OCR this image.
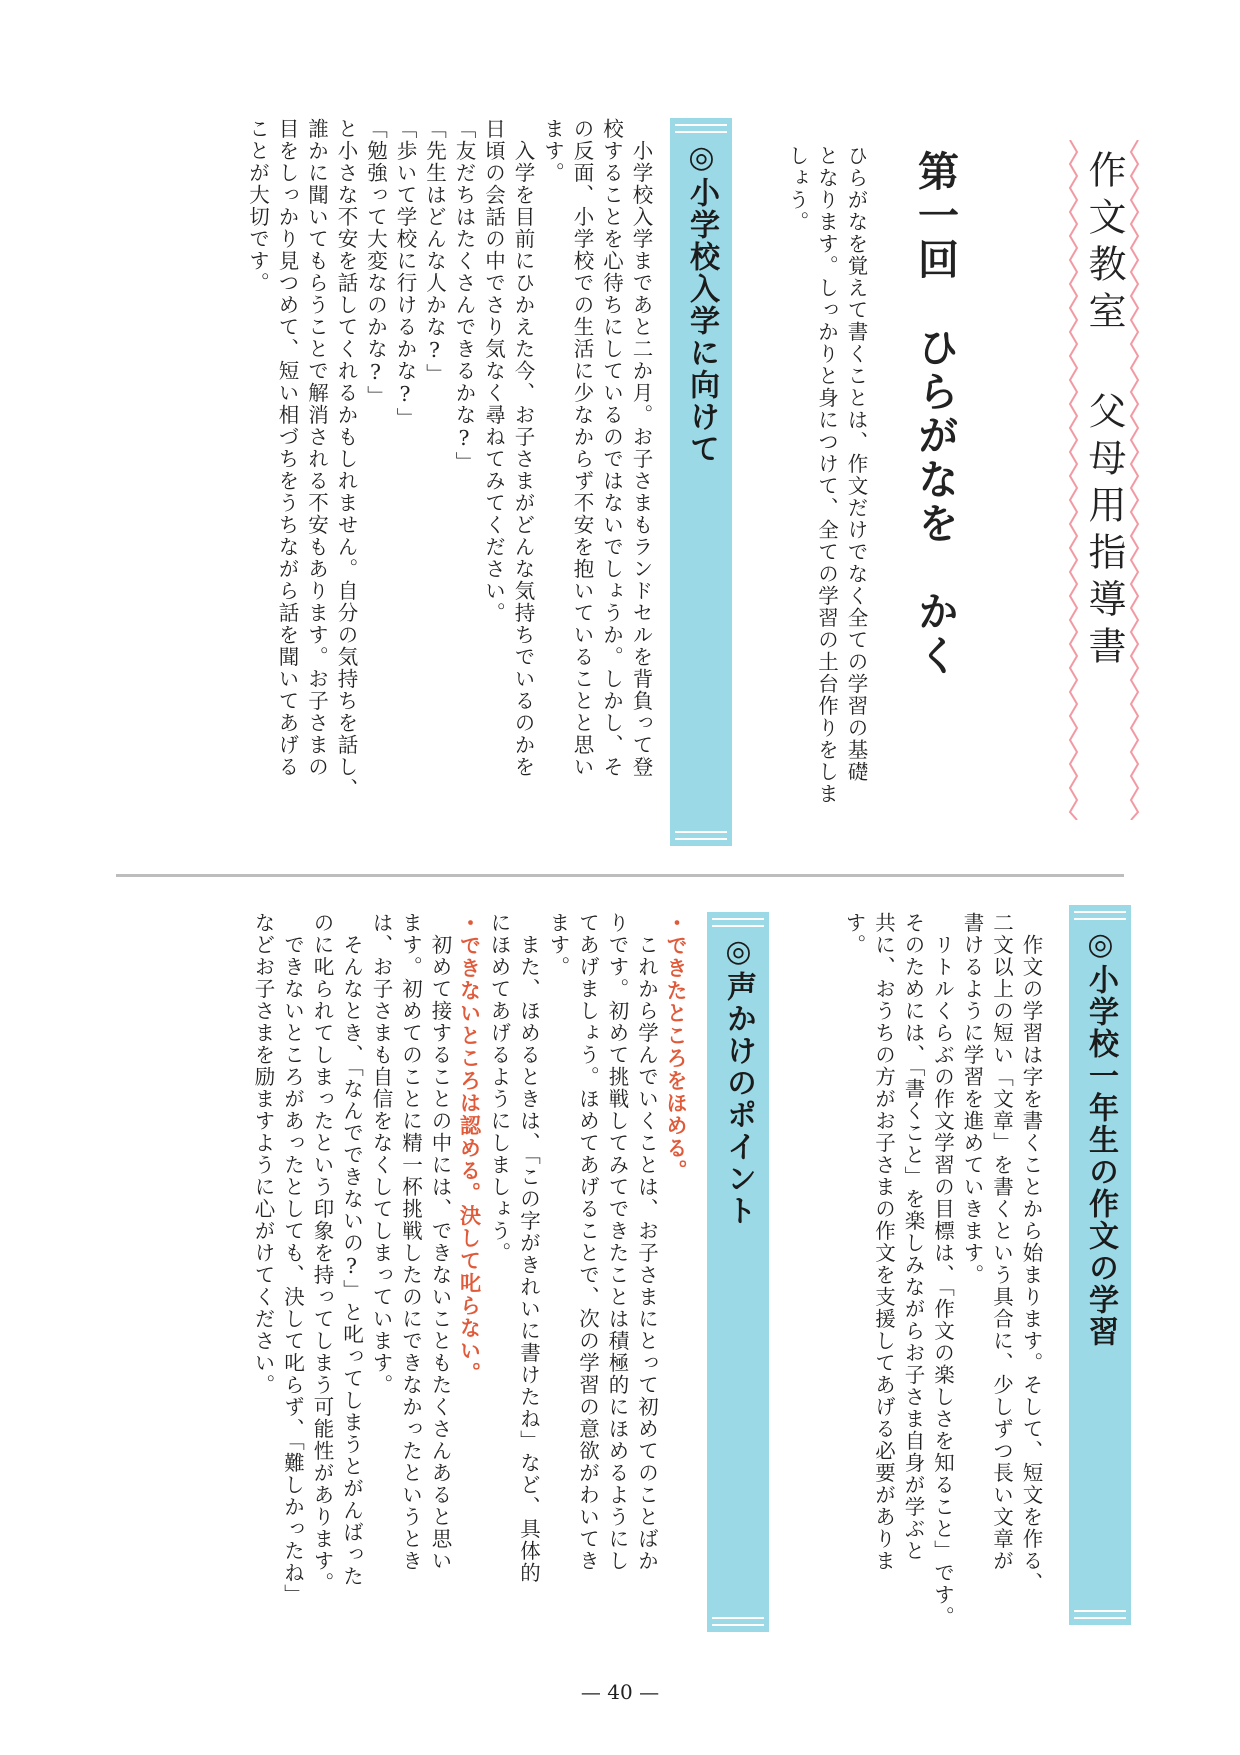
作文教室 父母用指導書
第一回　ひらがなを　かく

ひらがなを覚えて書くことは、作文だけでなく全ての学習の基礎

となります。しっかりと身につけて、全ての学習の土台作りをしま

しょう。

◎小学校入学に向けて

　小学校入学まであと二か月。お子さまもランドセルを背負って登

校することを心待ちにしているのではないでしょうか。しかし、そ

の反面、小学校での生活に少なからず不安を抱いていることと思い

ます。

　入学を目前にひかえた今、お子さまがどんな気持ちでいるのかを

日頃の会話の中でさり気なく尋ねてみてください。

「友だちはたくさんできるかな?」

「先生はどんな人かな?」

「歩いて学校に行けるかな?」

「勉強って大変なのかな?」

と小さな不安を話してくれるかもしれません。自分の気持ちを話し、

誰かに聞いてもらうことで解消される不安もあります。お子さまの

目をしっかり見つめて、短い相づちをうちながら話を聞いてあげる

ことが大切です。

◎小学校一年生の作文の学習

　作文の学習は字を書くことから始まります。そして、短文を作る、

二文以上の短い「文章」を書くという具合に、少しずつ長い文章が

書けるように学習を進めていきます。

　リトルくらぶの作文学習の目標は、「作文の楽しさを知ること」です。

そのためには、「書くこと」を楽しみながらお子さま自身が学ぶと

共に、おうちの方がお子さまの作文を支援してあげる必要がありま

す。

◎声かけのポイント

・できたところをほめる。

　これから学んでいくことは、お子さまにとって初めてのことばか

りです。初めて挑戦してみてできたことは積極的にほめるようにし

てあげましょう。ほめてあげることで、次の学習の意欲がわいてき

ます。

　また、ほめるときは、「この字がきれいに書けたね」など、具体的

にほめてあげるようにしましょう。

・できないところは認める。決して叱らない。

　初めて接することの中には、できないこともたくさんあると思い

ます。初めてのことに精一杯挑戦したのにできなかったというとき

は、お子さまも自信をなくしてしまっています。

　そんなとき、「なんでできないの?」と叱ってしまうとがんばった

のに叱られてしまったという印象を持ってしまう可能性があります。

　できないところがあったとしても、決して叱らず、「難しかったね」

などお子さまを励ますように心がけてください。

— 40 —
